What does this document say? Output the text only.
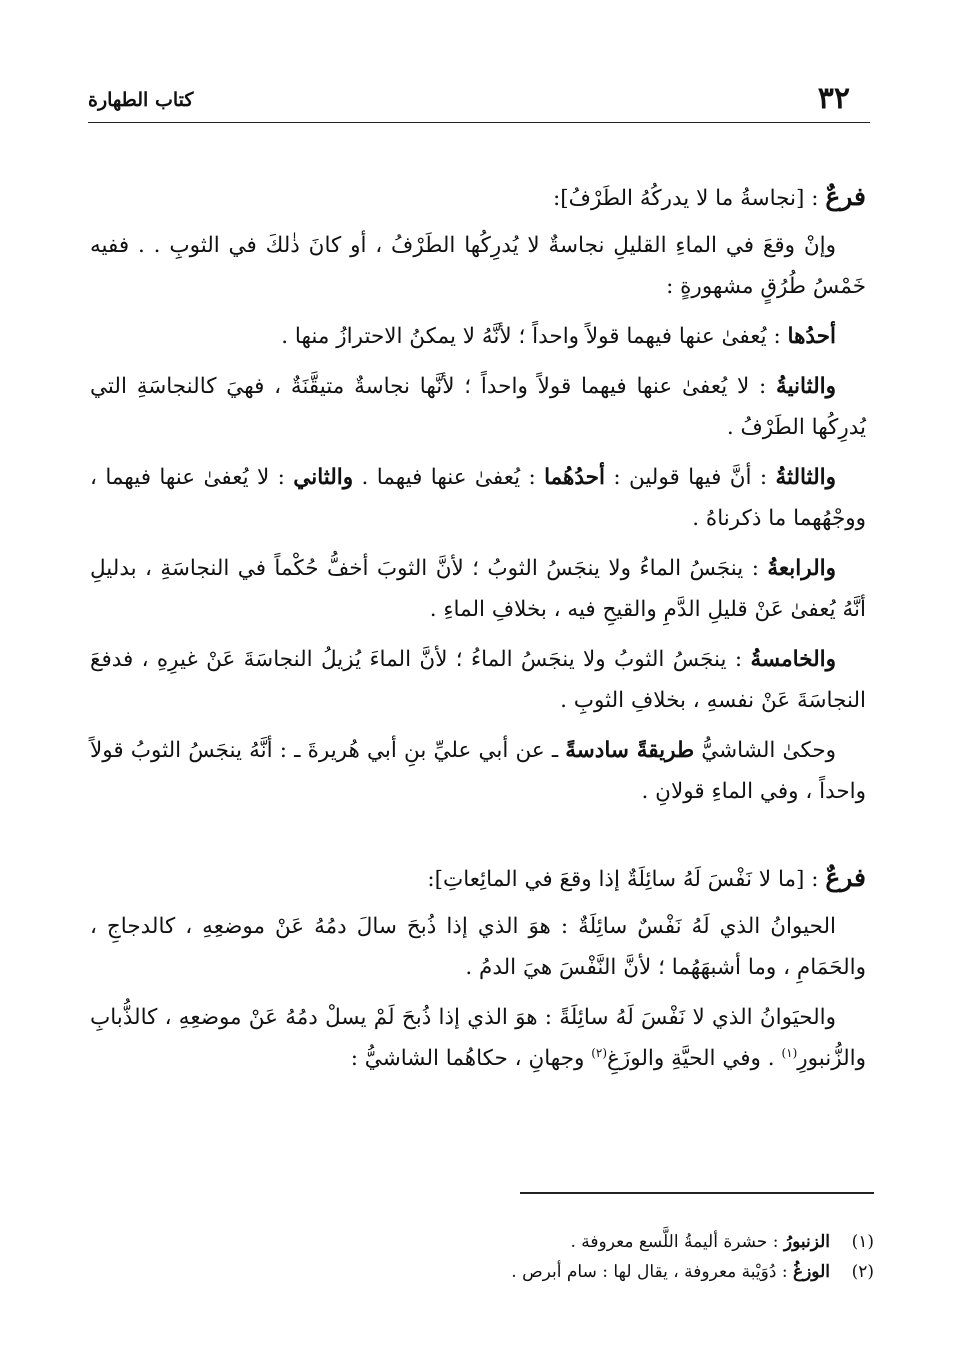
٣٢
كتاب الطهارة

فرعٌ : [نجاسةُ ما لا يدركُهُ الطَرْفُ]:

وإنْ وقعَ في الماءِ القليلِ نجاسةٌ لا يُدرِكُها الطَرْفُ ، أو كانَ ذٰلكَ في الثوبِ . . ففيه خَمْسُ طُرُقٍ مشهورةٍ :

أحدُها : يُعفىٰ عنها فيهما قولاً واحداً ؛ لأنَّهُ لا يمكنُ الاحترازُ منها .

والثانيةُ : لا يُعفىٰ عنها فيهما قولاً واحداً ؛ لأنَّها نجاسةٌ متيقَّنَةٌ ، فهيَ كالنجاسَةِ التي يُدرِكُها الطَرْفُ .

والثالثةُ : أنَّ فيها قولين : أحدُهُما : يُعفىٰ عنها فيهما . والثاني : لا يُعفىٰ عنها فيهما ، ووجْهُهما ما ذكرناهُ .

والرابعةُ : ينجَسُ الماءُ ولا ينجَسُ الثوبُ ؛ لأنَّ الثوبَ أخفُّ حُكْماً في النجاسَةِ ، بدليلِ أنَّهُ يُعفىٰ عَنْ قليلِ الدَّمِ والقيحِ فيه ، بخلافِ الماءِ .

والخامسةُ : ينجَسُ الثوبُ ولا ينجَسُ الماءُ ؛ لأنَّ الماءَ يُزيلُ النجاسَةَ عَنْ غيرِهِ ، فدفعَ النجاسَةَ عَنْ نفسهِ ، بخلافِ الثوبِ .

وحكىٰ الشاشيُّ طريقةً سادسةً ـ عن أبي عليِّ بنِ أبي هُريرةَ ـ : أنَّهُ ينجَسُ الثوبُ قولاً واحداً ، وفي الماءِ قولانِ .

فرعٌ : [ما لا نَفْسَ لَهُ سائِلَةٌ إذا وقعَ في المائِعاتِ]:

الحيوانُ الذي لَهُ نَفْسٌ سائِلَةٌ : هوَ الذي إذا ذُبحَ سالَ دمُهُ عَنْ موضعِهِ ، كالدجاجِ ، والحَمَامِ ، وما أشبهَهُما ؛ لأنَّ النَّفْسَ هيَ الدمُ .

والحيَوانُ الذي لا نَفْسَ لَهُ سائِلَةً : هوَ الذي إذا ذُبحَ لَمْ يسلْ دمُهُ عَنْ موضعِهِ ، كالذُّبابِ والزُّنبورِ$^{(١)}$ . وفي الحيَّةِ والوزَغِ$^{(٢)}$ وجهانِ ، حكاهُما الشاشيُّ :

(١)الزنبورُ : حشرة أليمةُ اللَّسع معروفة .

(٢)الوزغُ : دُوَيْبة معروفة ، يقال لها : سام أبرص .
